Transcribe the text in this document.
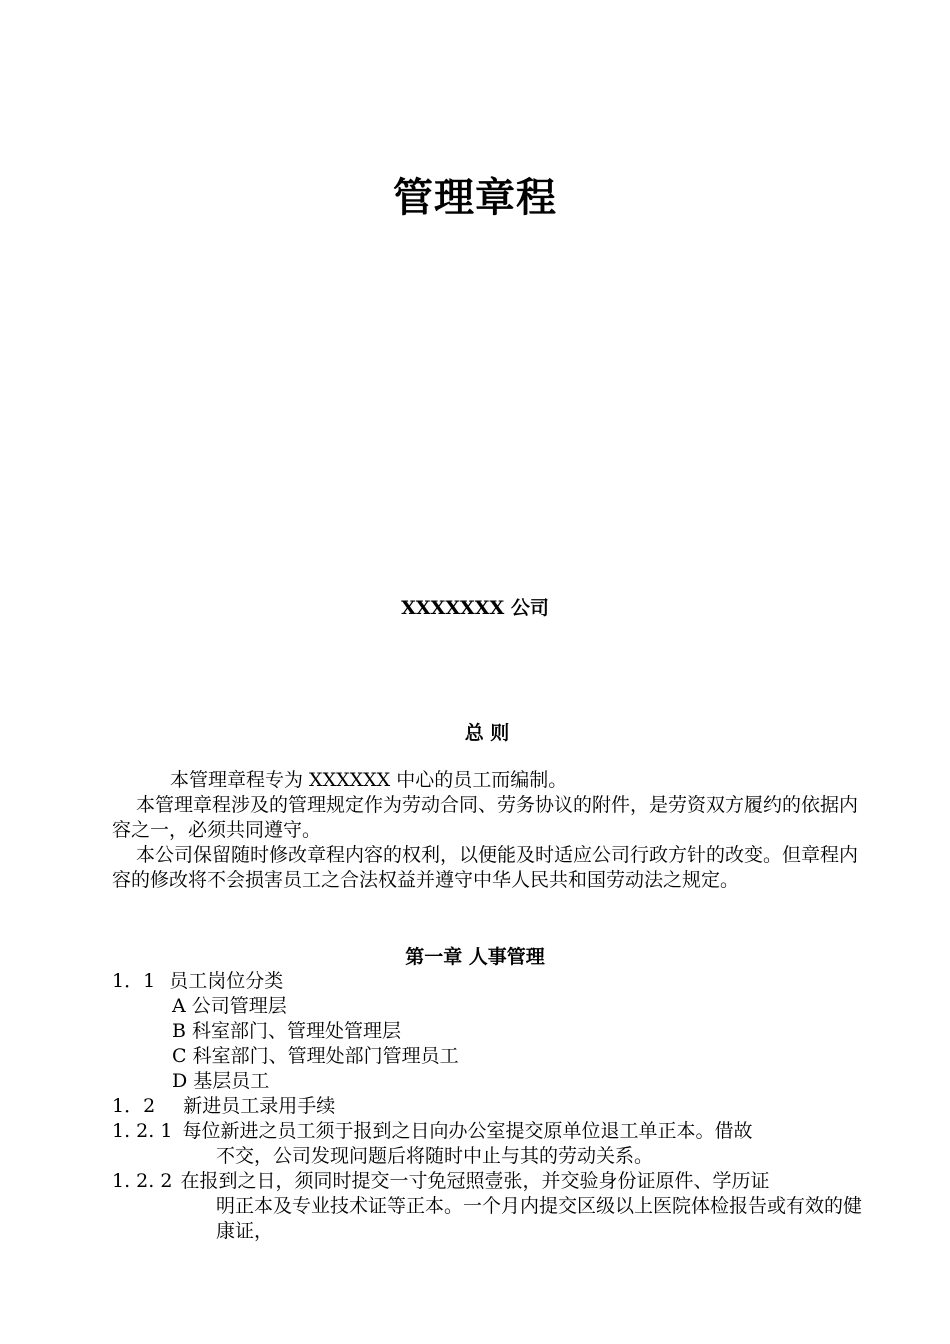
管理章程
XXXXXXX 公司
总 则
本管理章程专为 XXXXXX 中心的员工而编制。
本管理章程涉及的管理规定作为劳动合同、劳务协议的附件，是劳资双方履约的依据内容之一，必须共同遵守。
本公司保留随时修改章程内容的权利，以便能及时适应公司行政方针的改变。但章程内容的修改将不会损害员工之合法权益并遵守中华人民共和国劳动法之规定。
第一章 人事管理
1．1 员工岗位分类
A 公司管理层
B 科室部门、管理处管理层
C 科室部门、管理处部门管理员工
D 基层员工
1．2 新进员工录用手续
1. 2. 1 每位新进之员工须于报到之日向办公室提交原单位退工单正本。借故
不交，公司发现问题后将随时中止与其的劳动关系。
1. 2. 2 在报到之日，须同时提交一寸免冠照壹张，并交验身份证原件、学历证
明正本及专业技术证等正本。一个月内提交区级以上医院体检报告或有效的健康证，
